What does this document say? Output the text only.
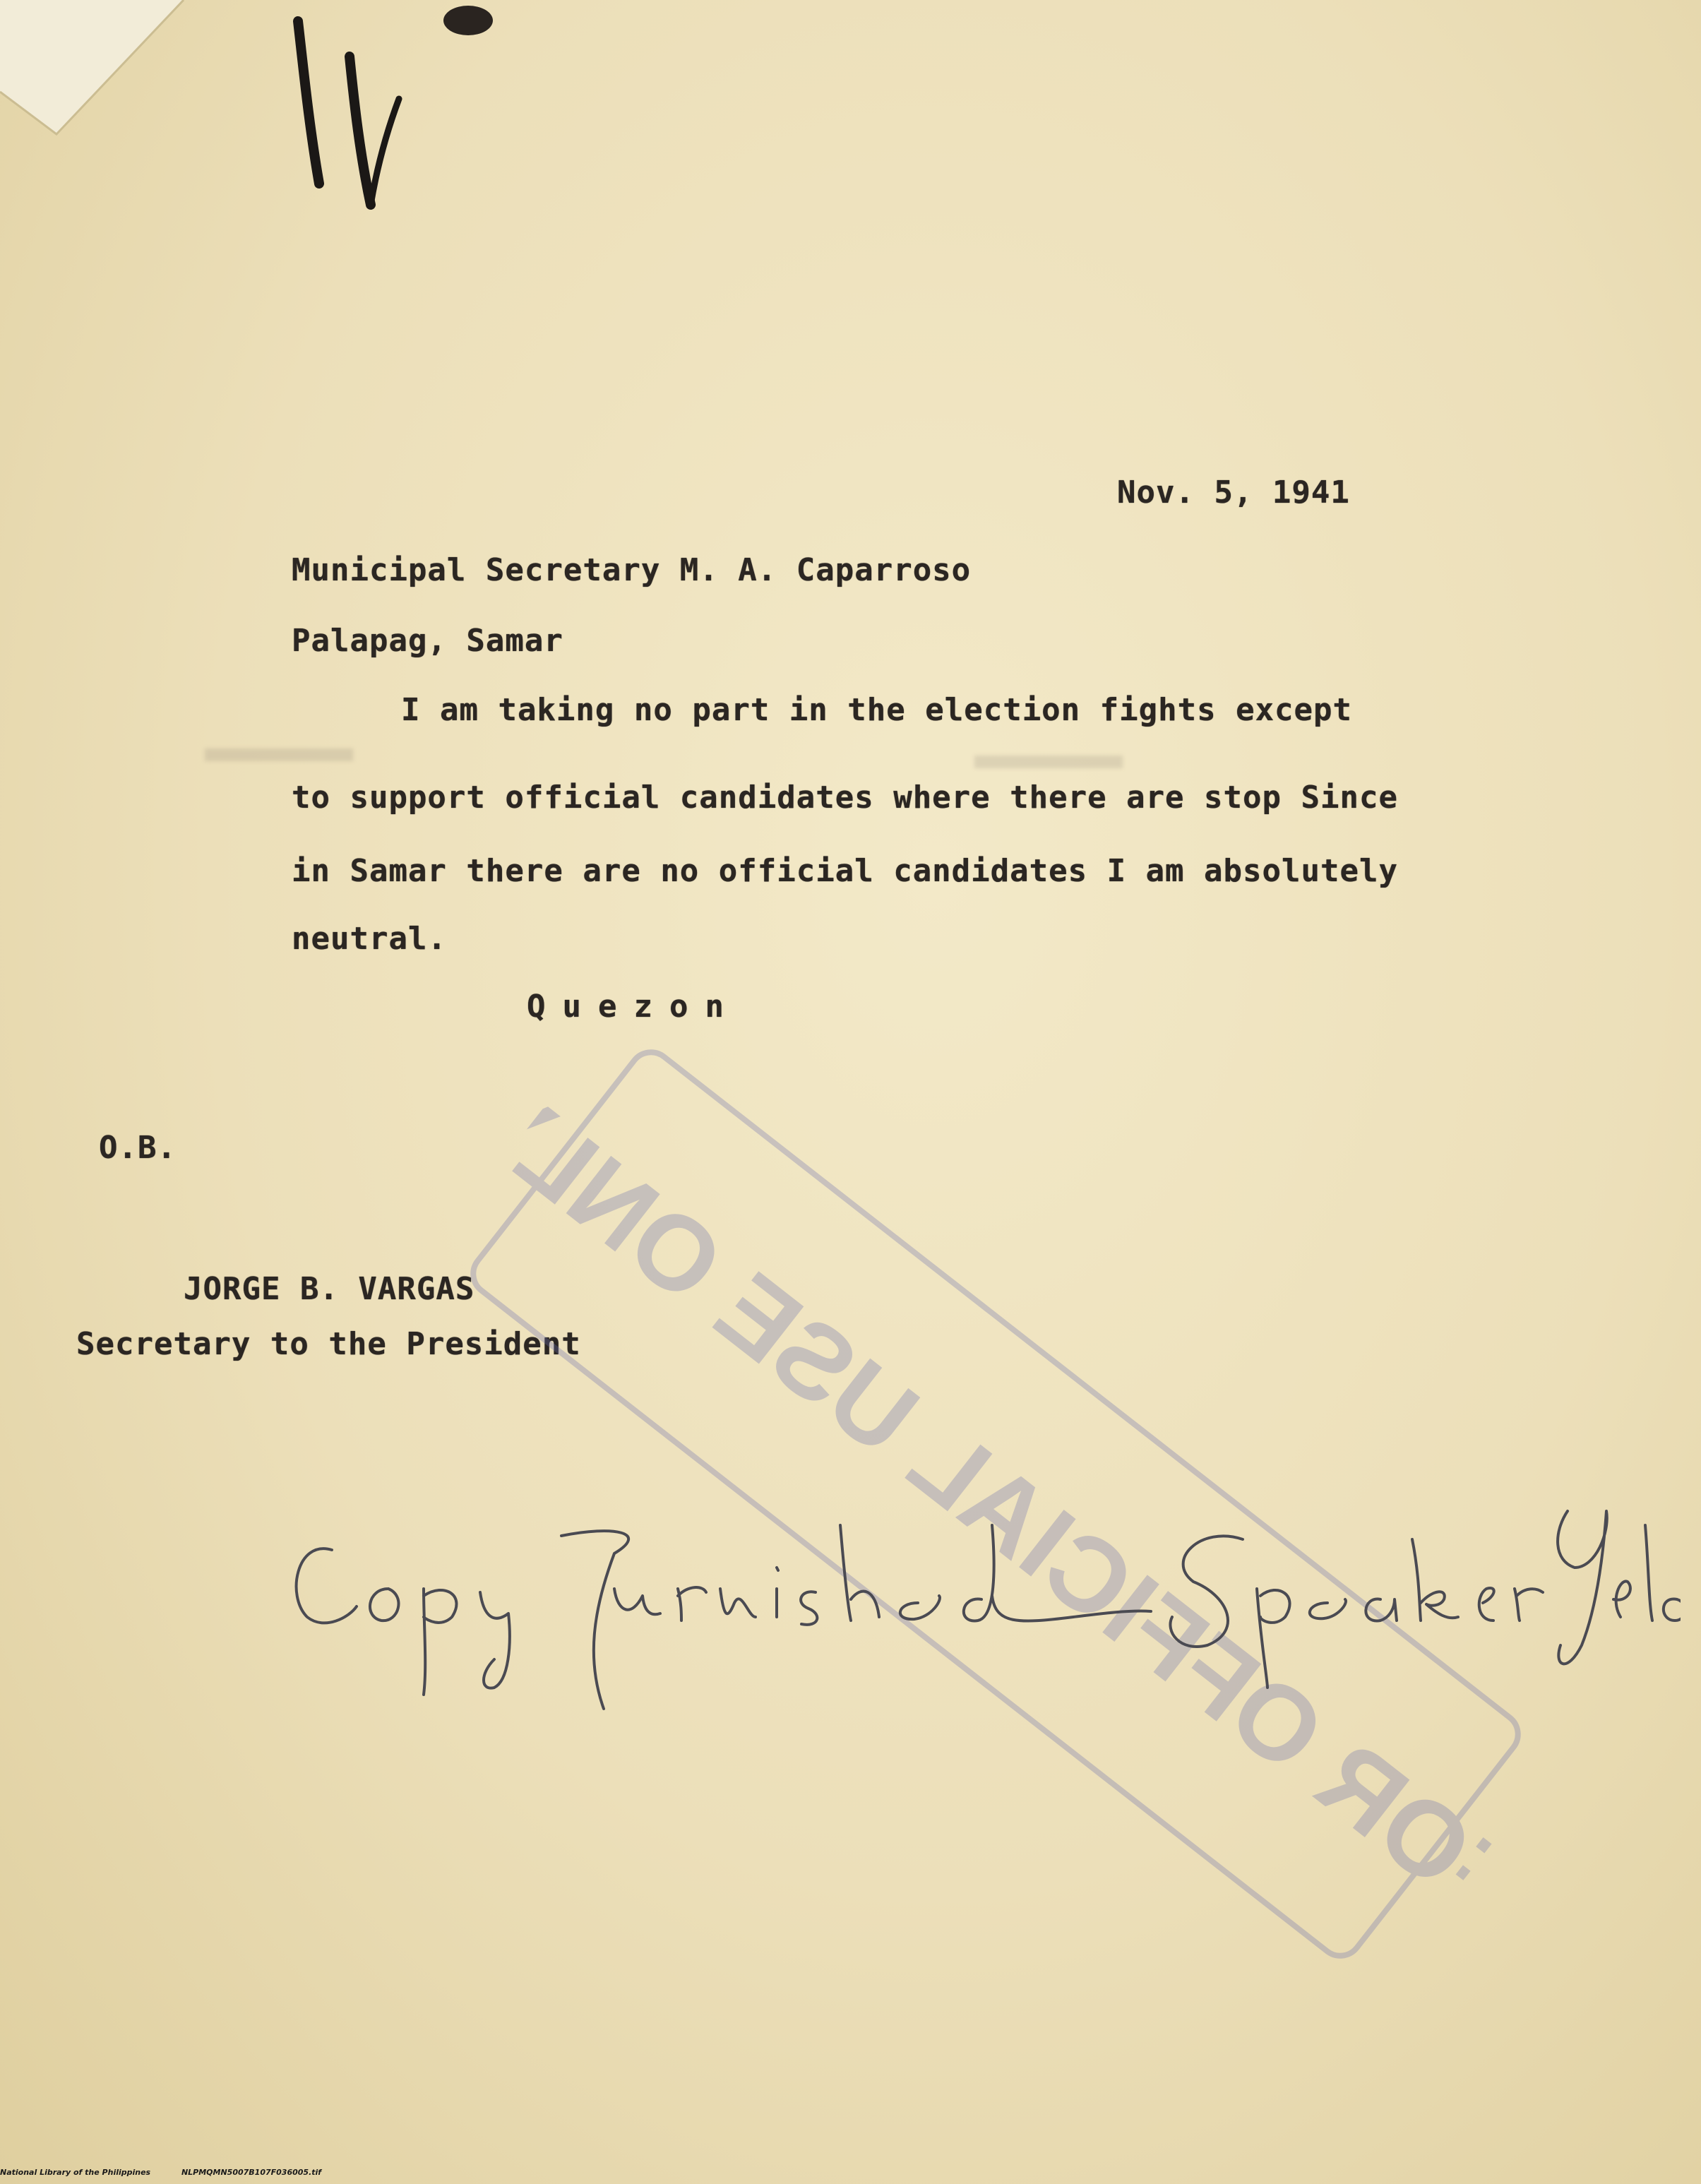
Nov. 5, 1941
Municipal Secretary M. A. Caparroso
Palapag, Samar
I am taking no part in the election fights except
to support official candidates where there are stop Since
in Samar there are no official candidates I am absolutely
neutral.
Quezon
O.B.
JORGE B. VARGAS
Secretary to the President
FOR OFFICIAL USE ONLY
National Library of the Philippines	NLPMQMN5007B107F036005.tif
